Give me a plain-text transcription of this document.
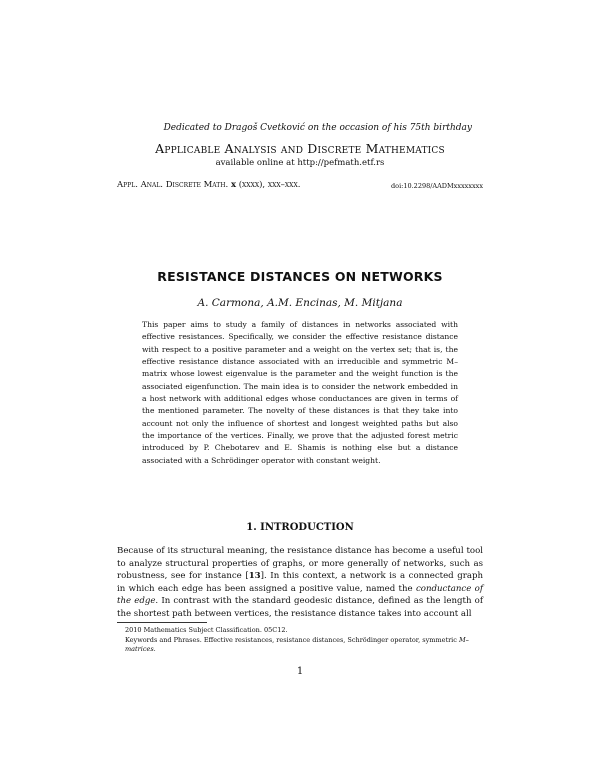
Dedicated to Dragoš Cvetković on the occasion of his 75th birthday
Applicable Analysis and Discrete Mathematics
available online at http://pefmath.etf.rs
Appl. Anal. Discrete Math. x (xxxx), xxx–xxx.	doi:10.2298/AADMxxxxxxxx
RESISTANCE DISTANCES ON NETWORKS
A. Carmona, A.M. Encinas, M. Mitjana

This paper aims to study a family of distances in networks associated with effective resistances. Specifically, we consider the effective resistance distance with respect to a positive parameter and a weight on the vertex set; that is, the effective resistance distance associated with an irreducible and symmetric M–matrix whose lowest eigenvalue is the parameter and the weight function is the associated eigenfunction. The main idea is to consider the network embedded in a host network with additional edges whose conductances are given in terms of the mentioned parameter. The novelty of these distances is that they take into account not only the influence of shortest and longest weighted paths but also the importance of the vertices. Finally, we prove that the adjusted forest metric introduced by P. Chebotarev and E. Shamis is nothing else but a distance associated with a Schrödinger operator with constant weight.

1. INTRODUCTION

Because of its structural meaning, the resistance distance has become a useful tool to analyze structural properties of graphs, or more generally of networks, such as robustness, see for instance [13]. In this context, a network is a connected graph in which each edge has been assigned a positive value, named the conductance of the edge. In contrast with the standard geodesic distance, defined as the length of the shortest path between vertices, the resistance distance takes into account all

2010 Mathematics Subject Classification. 05C12.

Keywords and Phrases. Effective resistances, resistance distances, Schrödinger operator, symmetric M–matrices.

1
